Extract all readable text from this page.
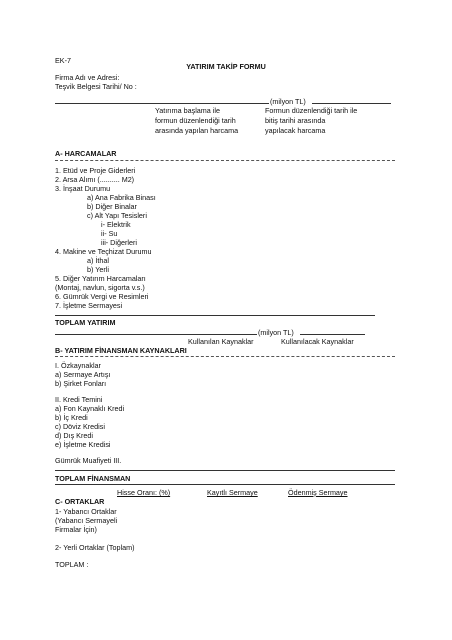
EK-7
YATIRIM TAKİP FORMU
Firma Adı ve Adresi:
Teşvik Belgesi Tarihi/ No :
(milyon TL)
Yatırıma başlama ile
formun düzenlendiği tarih
arasında yapılan harcama
Formun düzenlendiği tarih ile
bitiş tarihi arasında
yapılacak harcama
A- HARCAMALAR
1. Etüd ve Proje Giderleri
2. Arsa Alımı (.......... M2)
3. İnşaat Durumu
a) Ana Fabrika Binası
b) Diğer Binalar
c) Alt Yapı Tesisleri
i- Elektrik
ii- Su
iii- Diğerleri
4. Makine ve Teçhizat Durumu
a) İthal
b) Yerli
5. Diğer Yatırım Harcamaları
(Montaj, navlun, sigorta v.s.)
6. Gümrük Vergi ve Resimleri
7. İşletme Sermayesi
TOPLAM YATIRIM
(milyon TL)
Kullanılan Kaynaklar	Kullanılacak Kaynaklar
B- YATIRIM FİNANSMAN KAYNAKLARI
I. Özkaynaklar
a) Sermaye Artışı
b) Şirket Fonları
II. Kredi Temini
a) Fon Kaynaklı Kredi
b) İç Kredi
c) Döviz Kredisi
d) Dış Kredi
e) İşletme Kredisi
Gümrük Muafiyeti III.
TOPLAM FİNANSMAN
Hisse Oranı: (%)	Kayıtlı Sermaye	Ödenmiş Sermaye
C- ORTAKLAR
1- Yabancı Ortaklar
(Yabancı Sermayeli
Firmalar İçin)
2- Yerli Ortaklar (Toplam)
TOPLAM :
